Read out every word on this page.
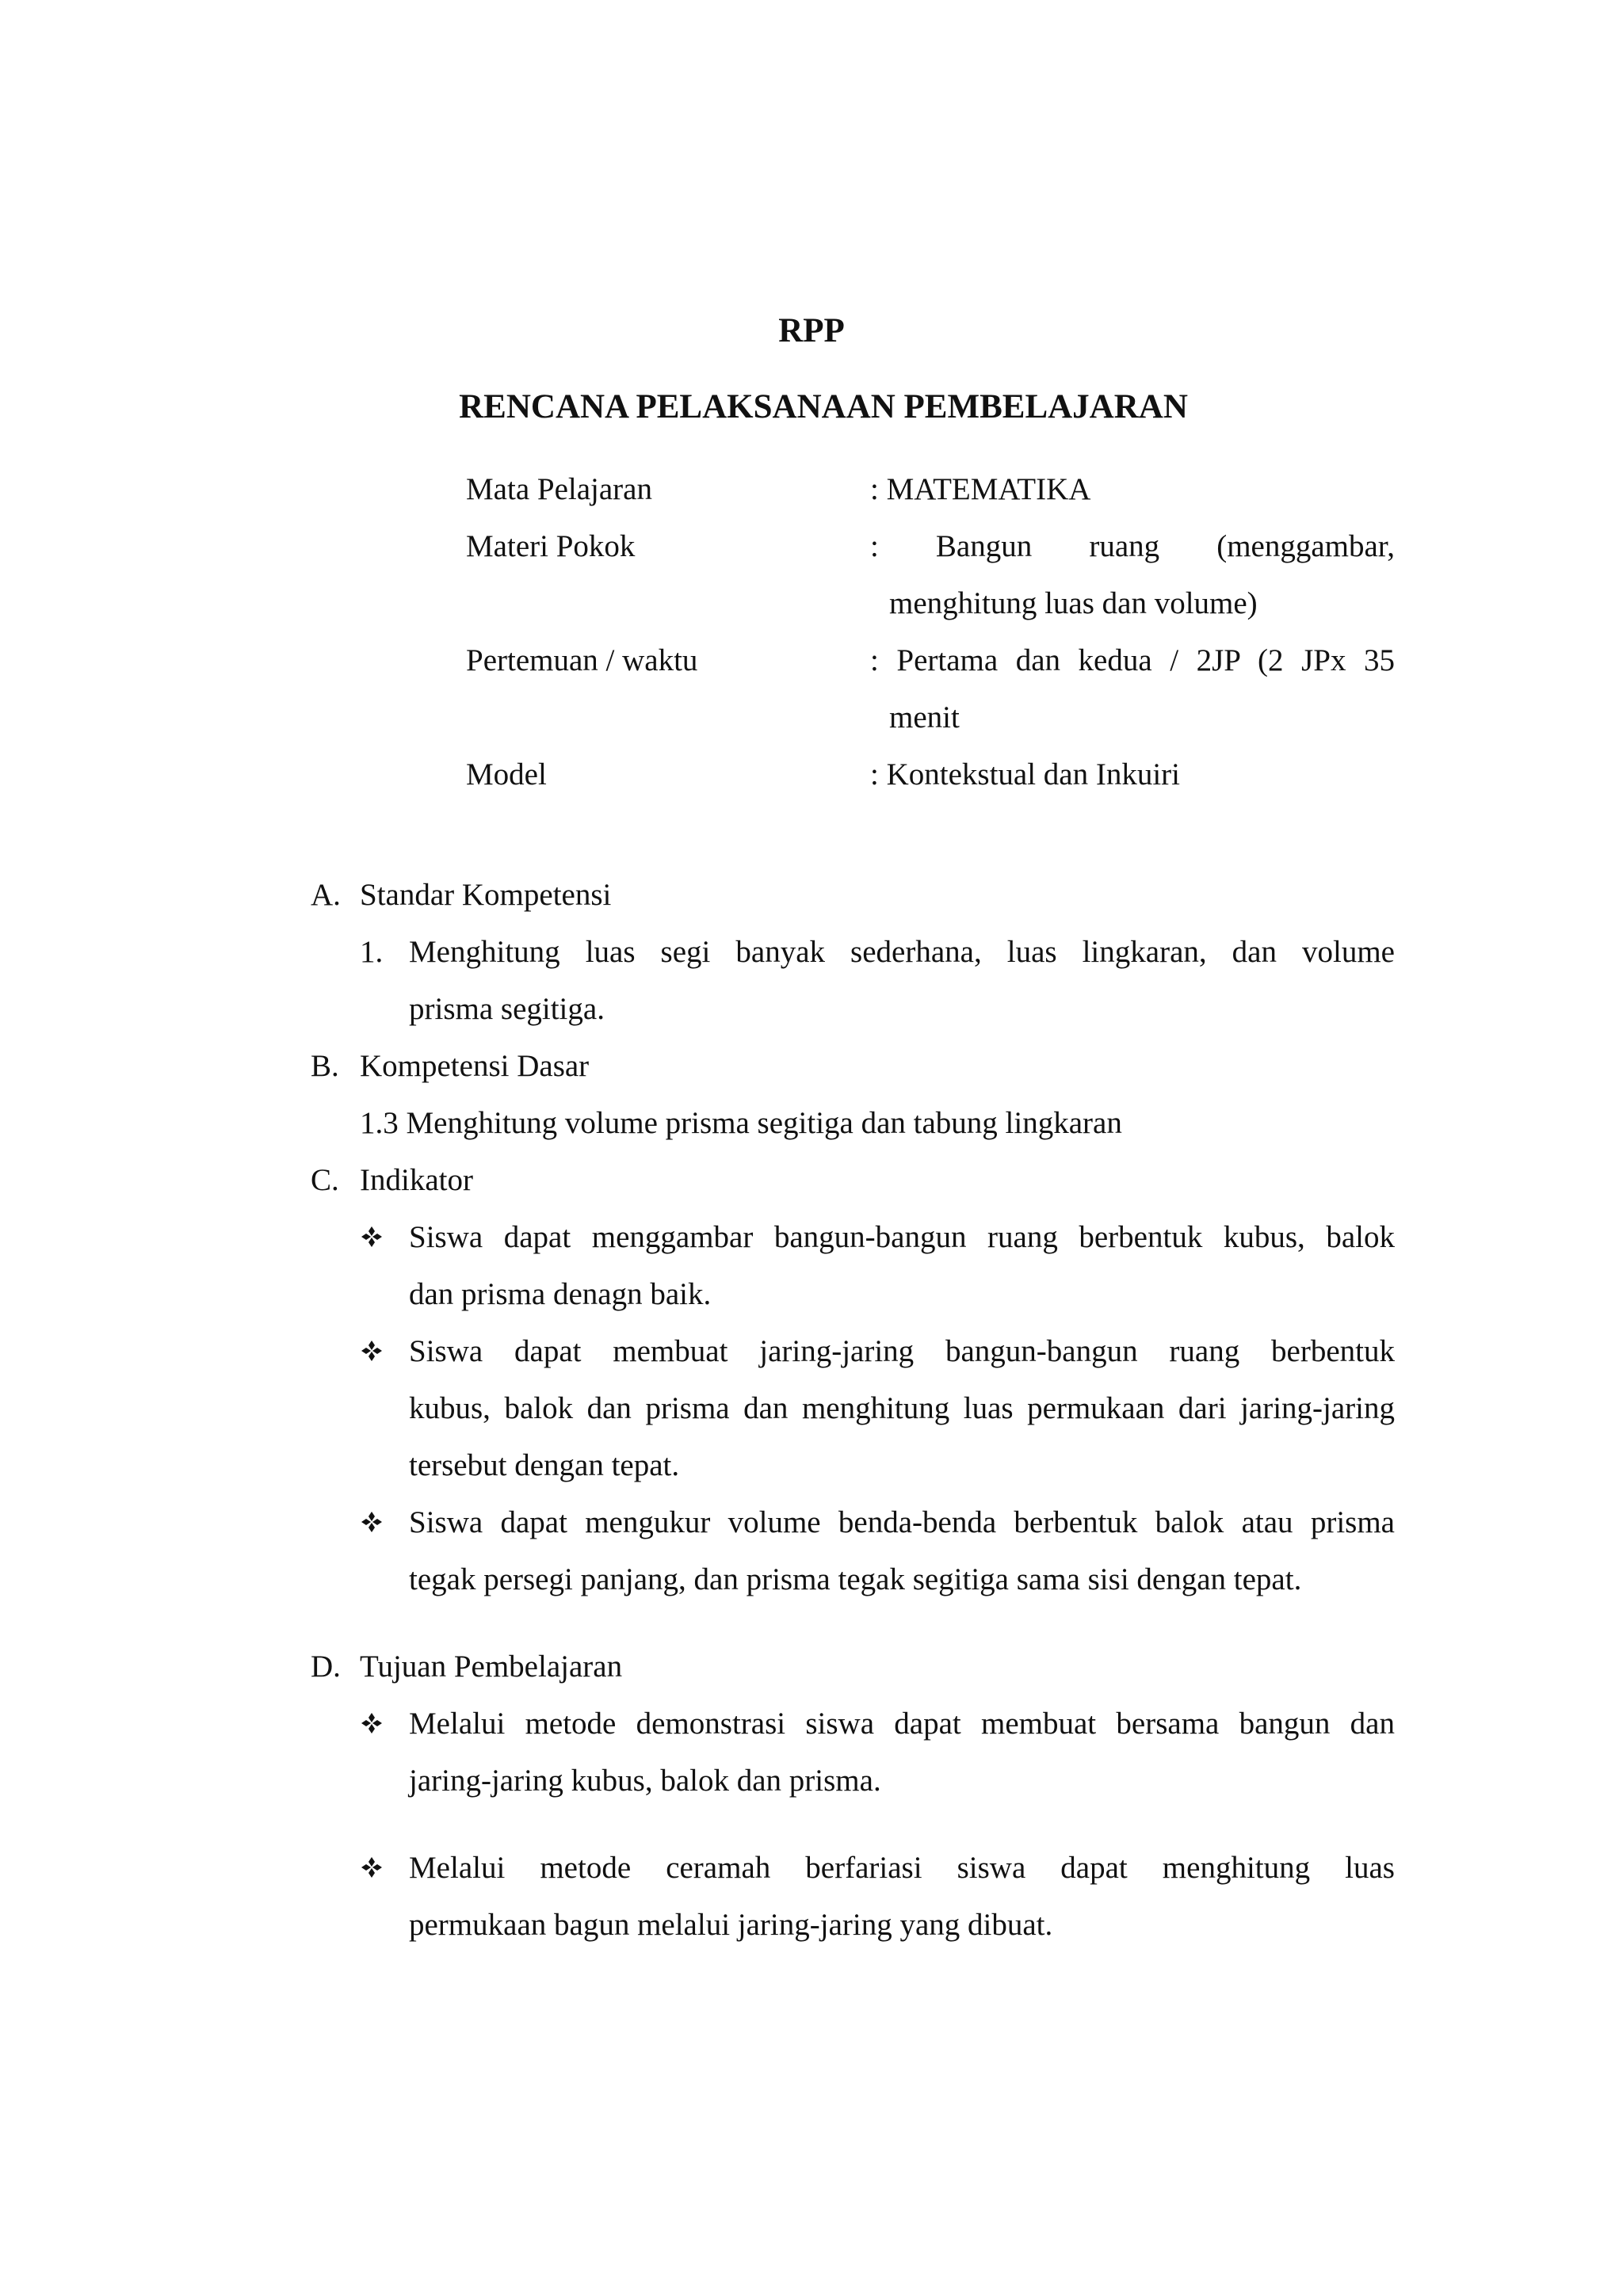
RPP
RENCANA PELAKSANAAN PEMBELAJARAN
Mata Pelajaran	: MATEMATIKA
Materi Pokok	: Bangun ruang (menggambar,
menghitung luas dan volume)
Pertemuan / waktu	: Pertama dan kedua / 2JP (2 JPx 35
menit
Model	: Kontekstual dan Inkuiri
A. Standar Kompetensi
1. Menghitung luas segi banyak sederhana, luas lingkaran, dan volume
prisma segitiga.
B. Kompetensi Dasar
1.3 Menghitung volume prisma segitiga dan tabung lingkaran
C. Indikator
Siswa dapat menggambar bangun-bangun ruang berbentuk kubus, balok
dan prisma denagn baik.
Siswa dapat membuat jaring-jaring bangun-bangun ruang berbentuk
kubus, balok dan prisma dan menghitung luas permukaan dari jaring-jaring
tersebut dengan tepat.
Siswa dapat mengukur volume benda-benda berbentuk balok atau prisma
tegak persegi panjang, dan prisma tegak segitiga sama sisi dengan tepat.
D. Tujuan Pembelajaran
Melalui metode demonstrasi siswa dapat membuat bersama bangun dan
jaring-jaring kubus, balok dan prisma.
Melalui metode ceramah berfariasi siswa dapat menghitung luas
permukaan bagun melalui jaring-jaring yang dibuat.
